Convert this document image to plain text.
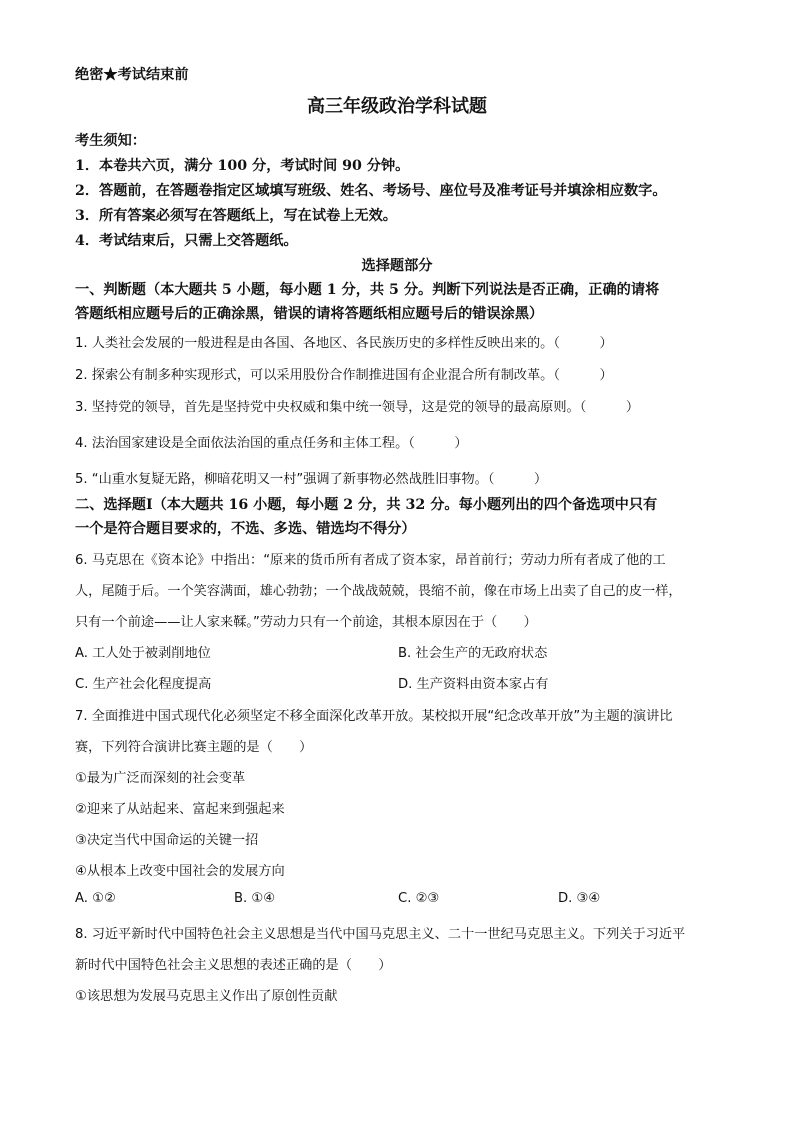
绝密★考试结束前
高三年级政治学科试题
考生须知：
1．本卷共六页，满分 100 分，考试时间 90 分钟。
2．答题前，在答题卷指定区域填写班级、姓名、考场号、座位号及准考证号并填涂相应数字。
3．所有答案必须写在答题纸上，写在试卷上无效。
4．考试结束后，只需上交答题纸。
选择题部分
一、判断题（本大题共 5 小题，每小题 1 分，共 5 分。判断下列说法是否正确，正确的请将
答题纸相应题号后的正确涂黑，错误的请将答题纸相应题号后的错误涂黑）
1. 人类社会发展的一般进程是由各国、各地区、各民族历史的多样性反映出来的。（　　　）
2. 探索公有制多种实现形式，可以采用股份合作制推进国有企业混合所有制改革。（　　　）
3. 坚持党的领导，首先是坚持党中央权威和集中统一领导，这是党的领导的最高原则。（　　　）
4. 法治国家建设是全面依法治国的重点任务和主体工程。（　　　）
5. “山重水复疑无路，柳暗花明又一村”强调了新事物必然战胜旧事物。（　　　）
二、选择题Ⅰ（本大题共 16 小题，每小题 2 分，共 32 分。每小题列出的四个备选项中只有
一个是符合题目要求的，不选、多选、错选均不得分）
6. 马克思在《资本论》中指出：“原来的货币所有者成了资本家，昂首前行；劳动力所有者成了他的工
人，尾随于后。一个笑容满面，雄心勃勃；一个战战兢兢，畏缩不前，像在市场上出卖了自己的皮一样，
只有一个前途——让人家来鞣。”劳动力只有一个前途，其根本原因在于（　　）
A. 工人处于被剥削地位	B. 社会生产的无政府状态
C. 生产社会化程度提高	D. 生产资料由资本家占有
7. 全面推进中国式现代化必须坚定不移全面深化改革开放。某校拟开展“纪念改革开放”为主题的演讲比
赛，下列符合演讲比赛主题的是（　　）
①最为广泛而深刻的社会变革
②迎来了从站起来、富起来到强起来
③决定当代中国命运的关键一招
④从根本上改变中国社会的发展方向
A. ①②	B. ①④	C. ②③	D. ③④
8. 习近平新时代中国特色社会主义思想是当代中国马克思主义、二十一世纪马克思主义。下列关于习近平
新时代中国特色社会主义思想的表述正确的是（　　）
①该思想为发展马克思主义作出了原创性贡献
